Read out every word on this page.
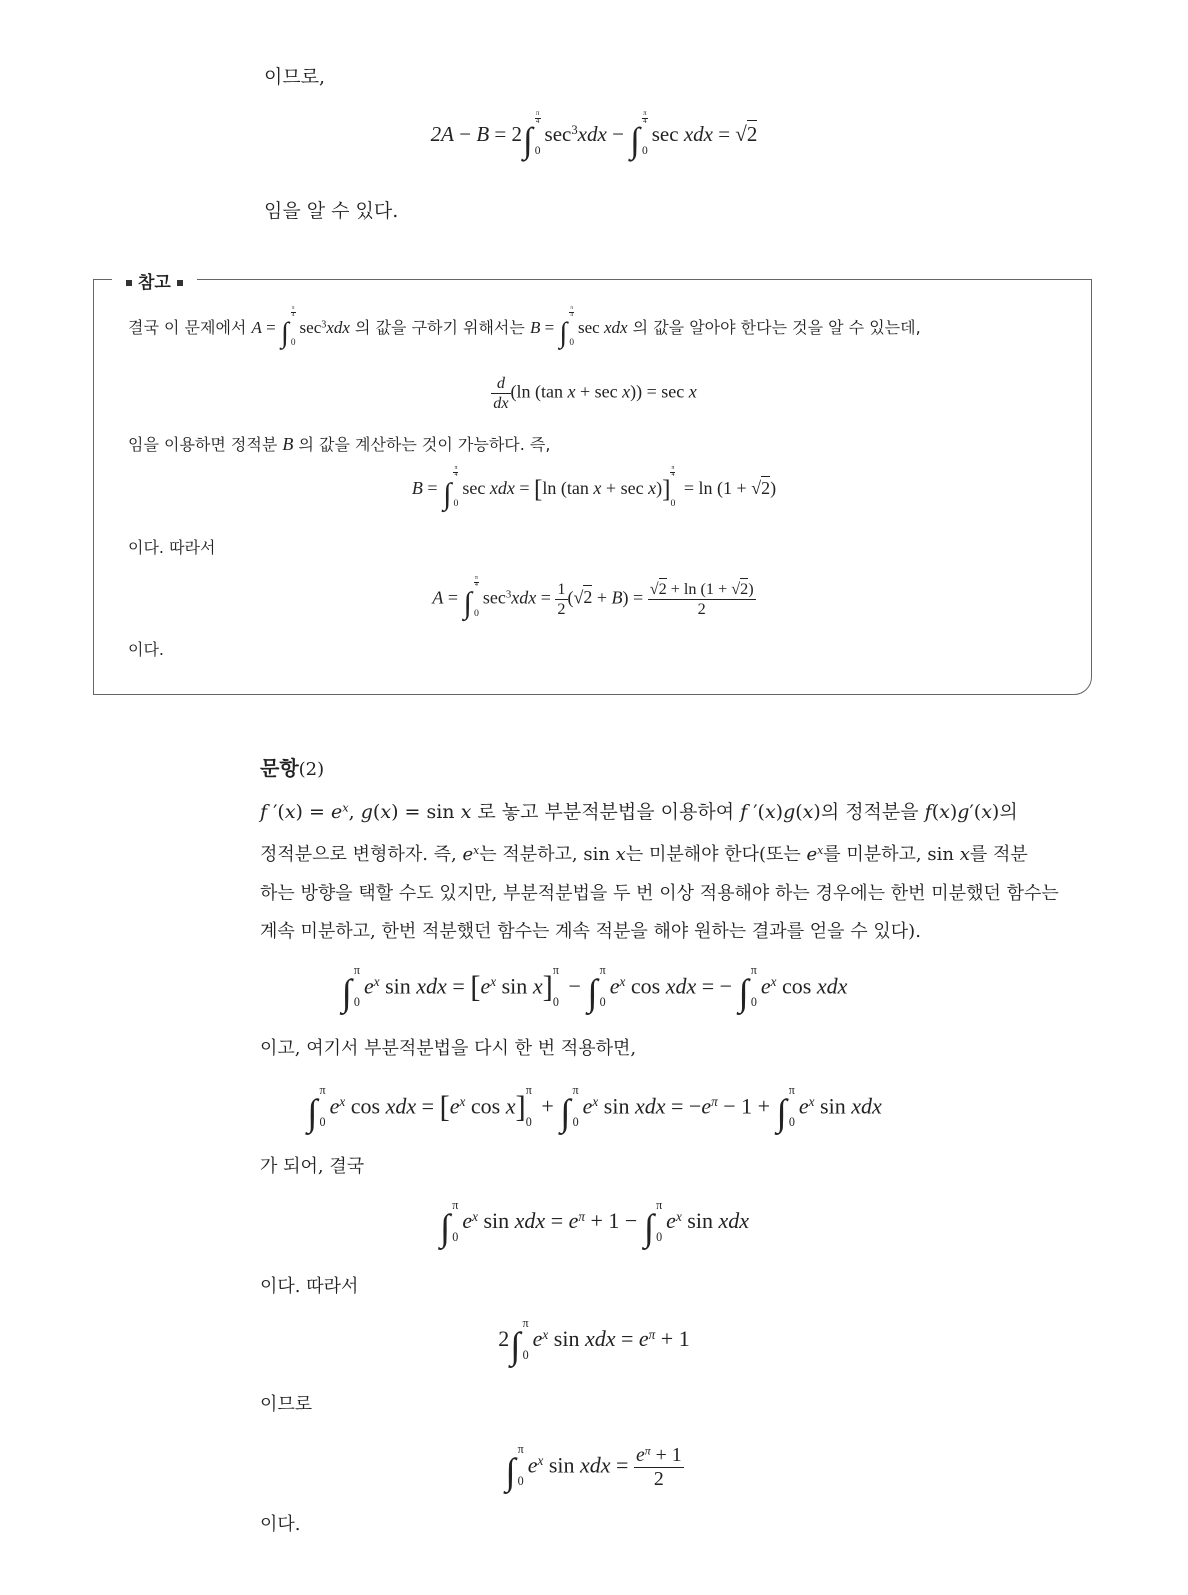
이므로,
2A − B = 2∫
π
4
0
$\sec^3xdx$ − ∫
π
4
0
sec xdx = √2
임을 알 수 있다.
참고
결국 이 문제에서 A = ∫
π
4
0
$\sec^3xdx$ 의 값을 구하기 위해서는 B = ∫
π
4
0
sec xdx 의 값을 알아야 한다는 것을 알 수 있는데,
$\frac{d}{dx} (\ln$ (tan x + sec x)) = sec x
임을 이용하면 정적분 B 의 값을 계산하는 것이 가능하다. 즉,
B = ∫
π
4
0
sec xdx = [ln (tan x + sec x)]
π
4
0
= ln (1 + √2)
이다. 따라서
A = ∫
π
4
0
$\sec^3xdx = \frac{1}{2} (√2 + B) = \frac{√2 + \ln (1 + √2)}{2}$
이다.
문항(2)
f $'(x) = e^x$, g(x) = sin x 로 놓고 부분적분법을 이용하여 f ′(x)g(x)의 정적분을 f(x)g′(x)의
정적분으로 변형하자. 즉, $e^x$는 적분하고, sin x는 미분해야 한다(또는 $e^x$를 미분하고, sin x를 적분
하는 방향을 택할 수도 있지만, 부분적분법을 두 번 이상 적용해야 하는 경우에는 한번 미분했던 함수는
계속 미분하고, 한번 적분했던 함수는 계속 적분을 해야 원하는 결과를 얻을 수 있다).
∫
π
0
$e^x$ sin xdx = [$e^x$ sin x] π
0
− ∫
π
0
$e^x$ cos xdx = − ∫
π
0
$e^x$ cos xdx
이고, 여기서 부분적분법을 다시 한 번 적용하면,
∫
π
0
$e^x$ cos xdx = [$e^x$ cos x] π
0
+ ∫
π
0
$e^x$ sin xdx = $-e^\pi - 1$ + ∫
π
0
$e^x$ sin xdx
가 되어, 결국
∫
π
0
$e^x$ sin xdx = $e^\pi + 1$ − ∫
π
0
$e^x$ sin xdx
이다. 따라서
2∫
π
0
$e^x$ sin xdx = $e^\pi + 1$
이므로
∫
π
0
$e^x$ sin xdx = $\frac{e^\pi + 1}{2}$
이다.
